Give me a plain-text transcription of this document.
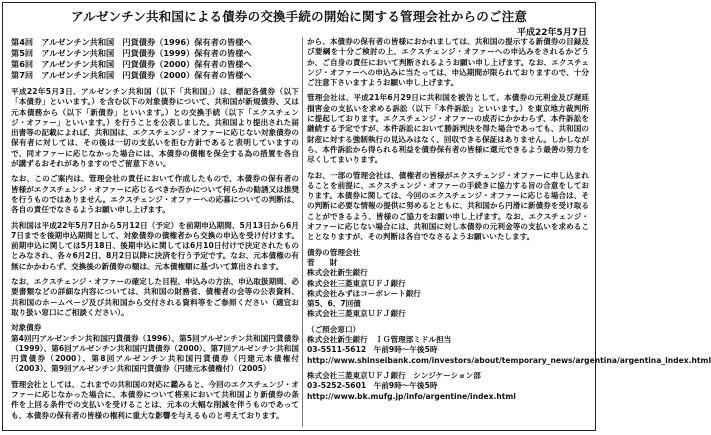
アルゼンチン共和国による債券の交換手続の開始に関する管理会社からのご注意
平成22年5月7日
第4回　アルゼンチン共和国　円貨債券（1996）保有者の皆様へ
第5回　アルゼンチン共和国　円貨債券（1999）保有者の皆様へ
第6回　アルゼンチン共和国　円貨債券（2000）保有者の皆様へ
第7回　アルゼンチン共和国　円貨債券（2000）保有者の皆様へ

平成22年5月3日、アルゼンチン共和国（以下「共和国」）は、標記各債券（以下「本債券」といいます。）を含む以下の対象債券について、共和国が新規債券、又は元本債務から（以下「新債券」といいます。）との交換手続（以下「エクスチェンジ・オファー」といいます。）を行うことを公表しました。共和国より提出された届出書等の記載によれば、共和国は、エクスチェンジ・オファーに応じない対象債券の保有者に対しては、その後は一切の支払いを拒む方針であると表明していますので、同オファーに応じなかった場合には、本債券の債権を保全する為の措置を各自が講ずるおそれがありますのでご留意下さい。

なお、このご案内は、管理会社の責任において作成したもので、本債券の保有者の皆様がエクスチェンジ・オファーに応じるべきか否かについて何らかの勧誘又は推奨を行うものではありません。エクスチェンジ・オファーへの応募についての判断は、各自の責任でなさるようお願い申し上げます。

共和国は平成22年5月7日から5月12日（予定）を前期申込期間、5月13日から6月7日までを後期申込期間として、対象債券の債権者から交換の申込を受け付けます。前期申込に関しては5月18日、後期申込に関しては6月10日付けで決定されたものとみなされ、各々6月2日、8月2日以降に決済を行う予定です。なお、元本債権の有無にかかわらず、交換後の新債券の額は、元本債権額に基づいて算出されます。

なお、エクスチェンジ・オファーの確定した目程、申込みの方法、申込取扱期間、必要書類などの詳細な内容については、共和国の財務省、債権者の会等の公表資料、共和国のホームページ及び共和国から交付される資料等をご参照ください（適宜お取り扱い窓口にご相談ください）。

対象債券

第4回円アルゼンチン共和国円貨債券（1996）、第5回アルゼンチン共和国円貨債券（1999）、第6回アルゼンチン共和国円貨債券（2000）、第7回アルゼンチン共和国円貨債券（2000）、第8回アルゼンチン共和国円貨債券（円建元本債権付（2003）、第9回アルゼンチン共和国円貨債券（円建元本債権付）（2005）

管理会社としては、これまでの共和国の対応に鑑みると、今回のエクスチェンジ・オファーに応じなかった場合に、本債券について将来において共和国より新債券の条件を上回る条件での支払いを受けることは、元本の大幅な削減を伴うものであっても、本債券の保有者の皆様の権利に重大な影響を与えるものと考えております。

から、本債券の保有者の皆様におかれましては、共和国の提示する新債券の目録及び要綱を十分ご検討の上、エクスチェンジ・オファーへの申込みをされるかどうか、ご自身の責任において判断されるようお願い申し上げます。なお、エクスチェンジ・オファーへの申込みに当たっては、申込期間が限られておりますので、十分ご注意下さいますようお願い申し上げます。

管理会社は、平成21年6月29日に共和国を被告として、本債券の元利金及び遅延損害金の支払いを求める訴訟（以下「本件訴訟」といいます。）を東京地方裁判所に提起しております。エクスチェンジ・オファーの成否にかかわらず、本件訴訟を継続する予定ですが、本件訴訟において勝訴判決を得た場合であっても、共和国の財産に対する強制執行の見込みはなく、回収できる保証はありません。しかしながら、本件訴訟から得られる利益を債券保有者の皆様に還元できるよう最善の努力を尽くしてまいります。

なお、一部の管理会社は、債権者の皆様がエクスチェンジ・オファーに申し込まれることを前提に、エクスチェンジ・オファーの手続きに協力する旨の合意をしております。本債券に関しては、今回のエクスチェンジ・オファーに応じる場合は、その判断に必要な情報の提供に努めるとともに、共和国から円滑に新債券を受け取ることができるよう、皆様のご協力をお願い申し上げます。なお、エクスチェンジ・オファーに応じない場合には、共和国に対し本債券の元利金等の支払いを求めることとなりますが、その判断は各自でなさるようお願いいたします。

債券の管理会社
菅　　財
株式会社新生銀行
株式会社三菱東京ＵＦＪ銀行
株式会社みずほコーポレート銀行
第5、6、7回債
株式会社三菱東京ＵＦＪ銀行
（ご照会窓口）
株式会社新生銀行　ＩＧ管理部ミドル担当
03-5511-5612　午前9時～午後5時
http://www.shinseibank.com/investors/about/temporary_news/argentina/argentina_index.html
株式会社三菱東京ＵＦＪ銀行　シンジケーション部
03-5252-5601　午前9時～午後5時
http://www.bk.mufg.jp/info/argentine/index.html
